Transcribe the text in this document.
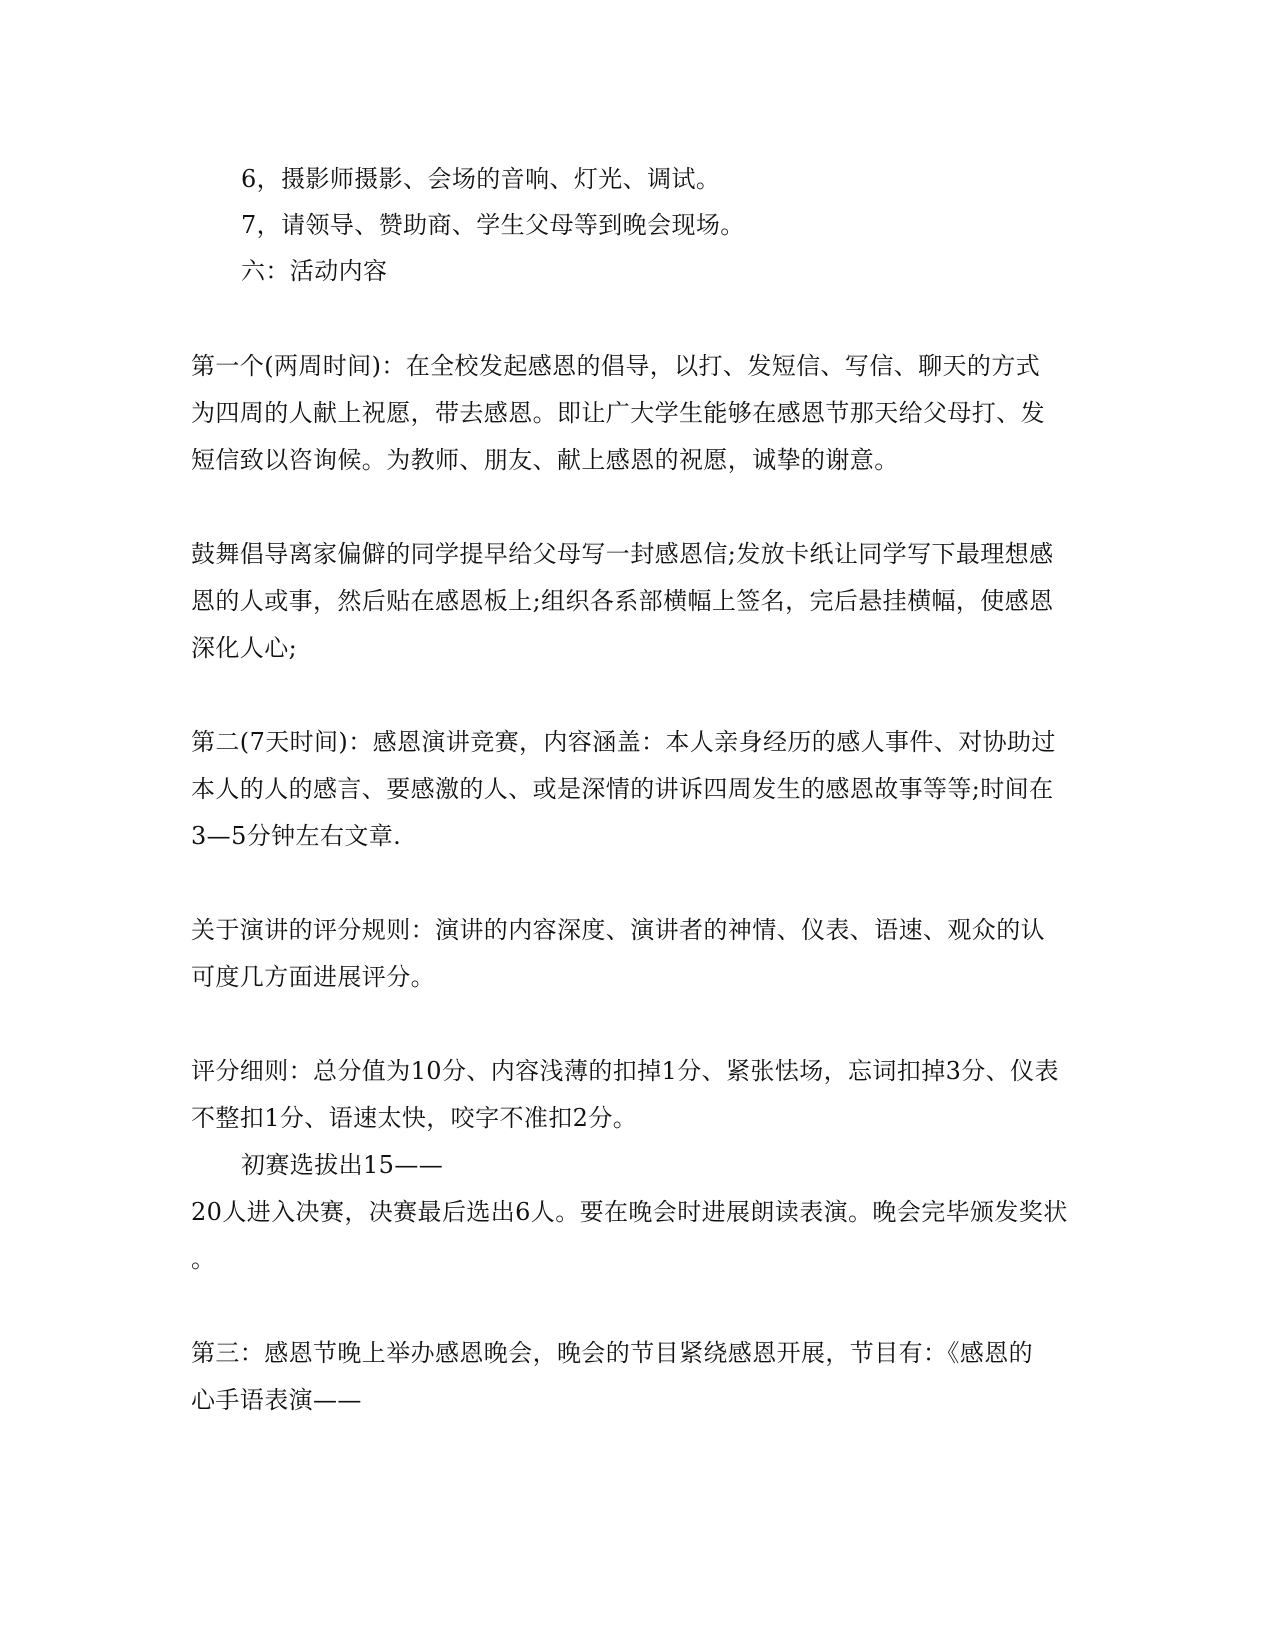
6，摄影师摄影、会场的音响、灯光、调试。
7，请领导、赞助商、学生父母等到晚会现场。
六：活动内容
第一个(两周时间)：在全校发起感恩的倡导，以打、发短信、写信、聊天的方式
为四周的人献上祝愿，带去感恩。即让广大学生能够在感恩节那天给父母打、发
短信致以咨询候。为教师、朋友、献上感恩的祝愿，诚挚的谢意。
鼓舞倡导离家偏僻的同学提早给父母写一封感恩信;发放卡纸让同学写下最理想感
恩的人或事，然后贴在感恩板上;组织各系部横幅上签名，完后悬挂横幅，使感恩
深化人心;
第二(7天时间)：感恩演讲竞赛，内容涵盖：本人亲身经历的感人事件、对协助过
本人的人的感言、要感激的人、或是深情的讲诉四周发生的感恩故事等等;时间在
3—5分钟左右文章.
关于演讲的评分规则：演讲的内容深度、演讲者的神情、仪表、语速、观众的认
可度几方面进展评分。
评分细则：总分值为10分、内容浅薄的扣掉1分、紧张怯场，忘词扣掉3分、仪表
不整扣1分、语速太快，咬字不准扣2分。
初赛选拔出15——
20人进入决赛，决赛最后选出6人。要在晚会时进展朗读表演。晚会完毕颁发奖状
。
第三：感恩节晚上举办感恩晚会，晚会的节目紧绕感恩开展，节目有：《感恩的
心手语表演——
